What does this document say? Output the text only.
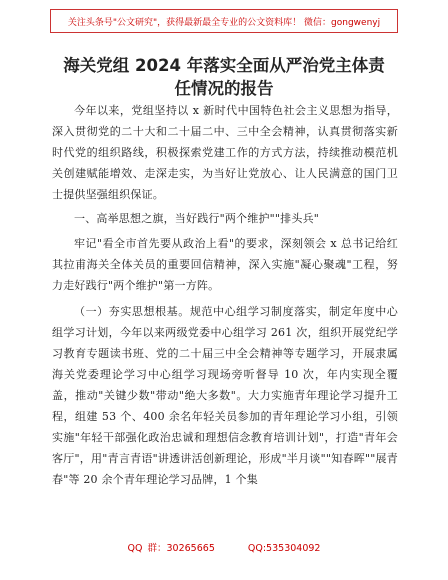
关注头条号"公文研究"，获得最新最全专业的公文资料库！ 微信：gongwenyj
海关党组 2024 年落实全面从严治党主体责任情况的报告

今年以来，党组坚持以 x 新时代中国特色社会主义思想为指导，深入贯彻党的二十大和二十届二中、三中全会精神，认真贯彻落实新时代党的组织路线，积极探索党建工作的方式方法，持续推动模范机关创建赋能增效、走深走实，为当好让党放心、让人民满意的国门卫士提供坚强组织保证。

一、高举思想之旗，当好践行"两个维护""排头兵"

牢记"看全市首先要从政治上看"的要求，深刻领会 x 总书记给红其拉甫海关全体关员的重要回信精神，深入实施"凝心聚魂"工程，努力走好践行"两个维护"第一方阵。

（一）夯实思想根基。规范中心组学习制度落实，制定年度中心组学习计划，今年以来两级党委中心组学习 261 次，组织开展党纪学习教育专题读书班、党的二十届三中全会精神等专题学习，开展隶属海关党委理论学习中心组学习现场旁听督导 10 次，年内实现全覆盖，推动"关键少数"带动"绝大多数"。大力实施青年理论学习提升工程，组建 53 个、400 余名年轻关员参加的青年理论学习小组，引领实施"年轻干部强化政治忠诚和理想信念教育培训计划"，打造"青年会客厅"，用"青言青语"讲透讲活创新理论，形成"半月谈""知春晖""展青春"等 20 余个青年理论学习品牌，1 个集

QQ 群：30265665	QQ:535304092
